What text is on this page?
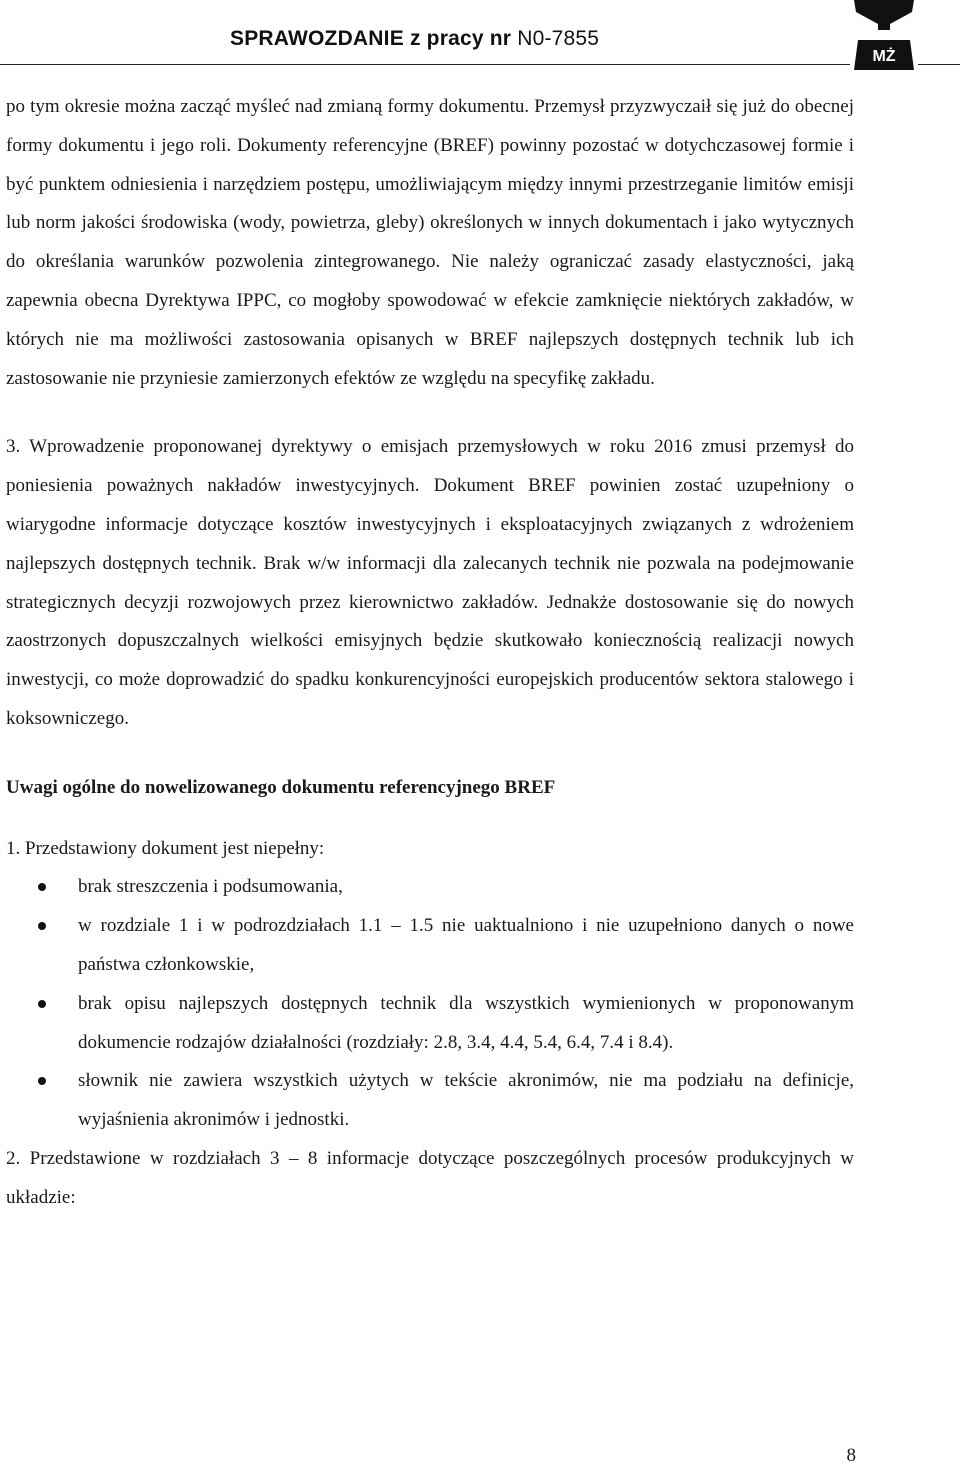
SPRAWOZDANIE z pracy nr N0-7855
MŻ

po tym okresie można zacząć myśleć nad zmianą formy dokumentu. Przemysł przyzwyczaił się już do obecnej formy dokumentu i jego roli. Dokumenty referencyjne (BREF) powinny pozostać w dotychczasowej formie i być punktem odniesienia i narzędziem postępu, umożliwiającym między innymi przestrzeganie limitów emisji lub norm jakości środowiska (wody, powietrza, gleby) określonych w innych dokumentach i jako wytycznych do określania warunków pozwolenia zintegrowanego. Nie należy ograniczać zasady elastyczności, jaką zapewnia obecna Dyrektywa IPPC, co mogłoby spowodować w efekcie zamknięcie niektórych zakładów, w których nie ma możliwości zastosowania opisanych w BREF najlepszych dostępnych technik lub ich zastosowanie nie przyniesie zamierzonych efektów ze względu na specyfikę zakładu.

3. Wprowadzenie proponowanej dyrektywy o emisjach przemysłowych w roku 2016 zmusi przemysł do poniesienia poważnych nakładów inwestycyjnych. Dokument BREF powinien zostać uzupełniony o wiarygodne informacje dotyczące kosztów inwestycyjnych i eksploatacyjnych związanych z wdrożeniem najlepszych dostępnych technik. Brak w/w informacji dla zalecanych technik nie pozwala na podejmowanie strategicznych decyzji rozwojowych przez kierownictwo zakładów. Jednakże dostosowanie się do nowych zaostrzonych dopuszczalnych wielkości emisyjnych będzie skutkowało koniecznością realizacji nowych inwestycji, co może doprowadzić do spadku konkurencyjności europejskich producentów sektora stalowego i koksowniczego.

Uwagi ogólne do nowelizowanego dokumentu referencyjnego BREF

1. Przedstawiony dokument jest niepełny:

brak streszczenia i podsumowania,
w rozdziale 1 i w podrozdziałach 1.1 – 1.5 nie uaktualniono i nie uzupełniono danych o nowe państwa członkowskie,
brak opisu najlepszych dostępnych technik dla wszystkich wymienionych w proponowanym dokumencie rodzajów działalności (rozdziały: 2.8, 3.4, 4.4, 5.4, 6.4, 7.4 i 8.4).
słownik nie zawiera wszystkich użytych w tekście akronimów, nie ma podziału na definicje, wyjaśnienia akronimów i jednostki.

2. Przedstawione w rozdziałach 3 – 8 informacje dotyczące poszczególnych procesów produkcyjnych w układzie:

8
